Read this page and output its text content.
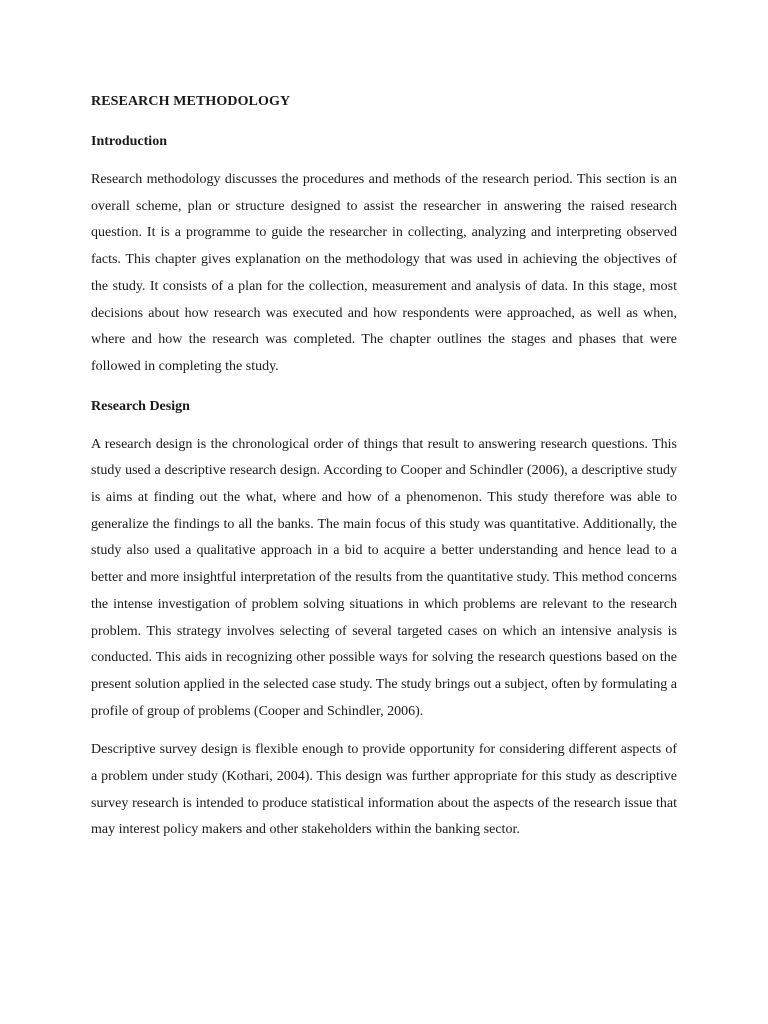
RESEARCH METHODOLOGY
Introduction

Research methodology discusses the procedures and methods of the research period. This section is an overall scheme, plan or structure designed to assist the researcher in answering the raised research question. It is a programme to guide the researcher in collecting, analyzing and interpreting observed facts. This chapter gives explanation on the methodology that was used in achieving the objectives of the study. It consists of a plan for the collection, measurement and analysis of data. In this stage, most decisions about how research was executed and how respondents were approached, as well as when, where and how the research was completed. The chapter outlines the stages and phases that were followed in completing the study.

Research Design

A research design is the chronological order of things that result to answering research questions. This study used a descriptive research design. According to Cooper and Schindler (2006), a descriptive study is aims at finding out the what, where and how of a phenomenon. This study therefore was able to generalize the findings to all the banks. The main focus of this study was quantitative. Additionally, the study also used a qualitative approach in a bid to acquire a better understanding and hence lead to a better and more insightful interpretation of the results from the quantitative study. This method concerns the intense investigation of problem solving situations in which problems are relevant to the research problem. This strategy involves selecting of several targeted cases on which an intensive analysis is conducted. This aids in recognizing other possible ways for solving the research questions based on the present solution applied in the selected case study. The study brings out a subject, often by formulating a profile of group of problems (Cooper and Schindler, 2006).

Descriptive survey design is flexible enough to provide opportunity for considering different aspects of a problem under study (Kothari, 2004). This design was further appropriate for this study as descriptive survey research is intended to produce statistical information about the aspects of the research issue that may interest policy makers and other stakeholders within the banking sector.
